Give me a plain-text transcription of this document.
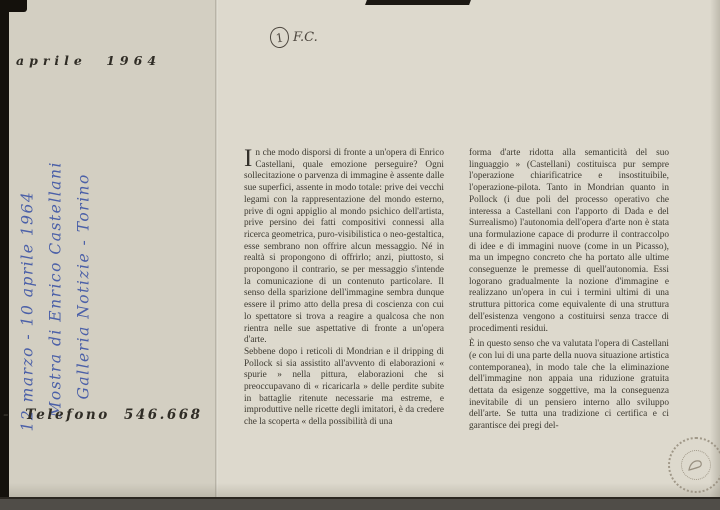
aprile 1964
1 F.C.
12 marzo - 10 aprile 1964 Mostra di Enrico Castellani Galleria Notizie - Torino
- Telefono 546.668

In che modo disporsi di fronte a un'opera di Enrico Castellani, quale emozione perseguire? Ogni sollecitazione o parvenza di immagine è assente dalle sue superfici, assente in modo totale: prive dei vecchi legami con la rappresentazione del mondo esterno, prive di ogni appiglio al mondo psichico dell'artista, prive persino dei fatti compositivi connessi alla ricerca geometrica, puro-visibilistica o neo-gestaltica, esse sembrano non offrire alcun messaggio. Né in realtà si propongono di offrirlo; anzi, piuttosto, si propongono il contrario, se per messaggio s'intende la comunicazione di un contenuto particolare. Il senso della sparizione dell'immagine sembra dunque essere il primo atto della presa di coscienza con cui lo spettatore si trova a reagire a qualcosa che non rientra nelle sue aspettative di fronte a un'opera d'arte.

Sebbene dopo i reticoli di Mondrian e il dripping di Pollock si sia assistito all'avvento di elaborazioni « spurie » nella pittura, elaborazioni che si preoccupavano di « ricaricarla » delle perdite subite in battaglie ritenute necessarie ma estreme, e improduttive nelle ricette degli imitatori, è da credere che la scoperta « della possibilità di una

forma d'arte ridotta alla semanticità del suo linguaggio » (Castellani) costituisca pur sempre l'operazione chiarificatrice e insostituibile, l'operazione-pilota. Tanto in Mondrian quanto in Pollock (i due poli del processo operativo che interessa a Castellani con l'apporto di Dada e del Surrealismo) l'autonomia dell'opera d'arte non è stata una formulazione capace di produrre il contraccolpo di idee e di immagini nuove (come in un Picasso), ma un impegno concreto che ha portato alle ultime conseguenze le premesse di quell'autonomia. Essi logorano gradualmente la nozione d'immagine e realizzano un'opera in cui i termini ultimi di una struttura pittorica come equivalente di una struttura dell'esistenza vengono a costituirsi senza tracce di procedimenti residui.

È in questo senso che va valutata l'opera di Castellani (e con lui di una parte della nuova situazione artistica contemporanea), in modo tale che la eliminazione dell'immagine non appaia una riduzione gratuita dettata da esigenze soggettive, ma la conseguenza inevitabile di un pensiero interno allo sviluppo dell'arte. Se tutta una tradizione ci certifica e ci garantisce dei pregi del-
